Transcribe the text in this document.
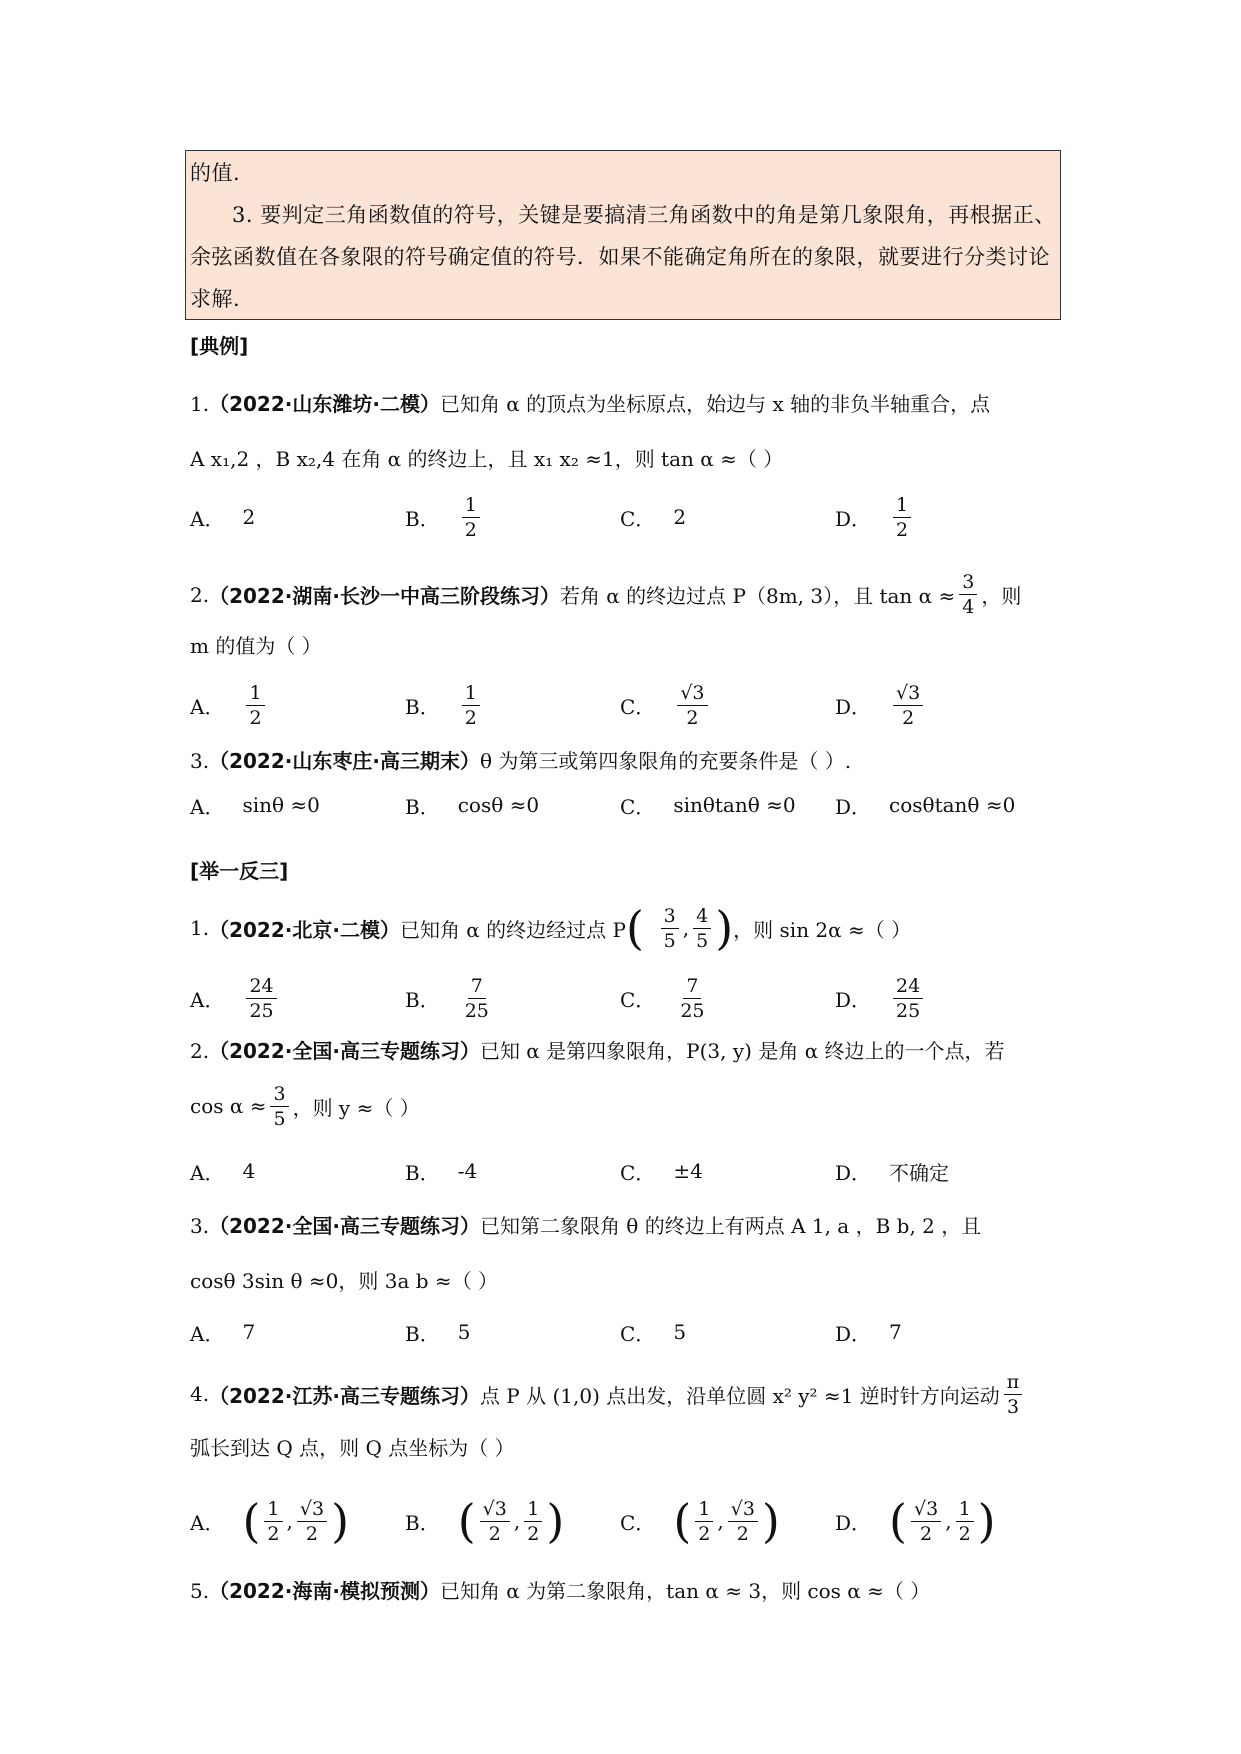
的值.
3. 要判定三角函数值的符号，关键是要搞清三角函数中的角是第几象限角，再根据正、
余弦函数值在各象限的符号确定值的符号．如果不能确定角所在的象限，就要进行分类讨论
求解.
[典例]
1.（2022·山东潍坊·二模）已知角 α 的顶点为坐标原点，始边与 x 轴的非负半轴重合，点
A x₁,2 ，B x₂,4 在角 α 的终边上，且 x₁ x₂ ≈1，则 tan α ≈（ ）
A． 2	B． $\frac{1}{2}$	C． 2	D． $\frac{1}{2}$
2. （2022·湖南·长沙一中高三阶段练习） 若角 α 的终边过点 P（8m, 3），且 $\tan \alpha \approx \frac{3}{4}$ ，则
m 的值为（ ）
A． $\frac{1}{2}$	B． $\frac{1}{2}$	C． $\frac{√3}{2}$	D． $\frac{√3}{2}$
3.（2022·山东枣庄·高三期末）θ 为第三或第四象限角的充要条件是（ ）.
A． sinθ ≈0	B． cosθ ≈0	C． sinθtanθ ≈0 D． cosθtanθ ≈0
[举一反三]
1. （2022·北京·二模） 已知角 α 的终边经过点 P (
$\frac{3}{5}$ , $\frac{4}{5}$ ) ，则 sin 2α ≈（ ）
A． $\frac{24}{25}$	B． $\frac{7}{25}$	C． $\frac{7}{25}$	D． $\frac{24}{25}$
2.（2022·全国·高三专题练习）已知 α 是第四象限角，P(3, y) 是角 α 终边上的一个点，若
$\cos \alpha \approx \frac{3}{5}$ ，则 y ≈（ ）
A． 4	B． -4	C． ±4	D． 不确定
3.（2022·全国·高三专题练习）已知第二象限角 θ 的终边上有两点 A 1, a ，B b, 2 ，且
cosθ 3sin θ ≈0，则 3a b ≈（ ）
A． 7	B． 5	C． 5	D． 7
4. （2022·江苏·高三专题练习） 点 P 从 (1,0) 点出发，沿单位圆 x² y² ≈1 逆时针方向运动 $\frac{\pi}{3}$
弧长到达 Q 点，则 Q 点坐标为（ ）
A． ( $\frac{1}{2}$ , $\frac{√3}{2}$ )	B． ( $\frac{√3}{2}$ , $\frac{1}{2}$ )	C． ( $\frac{1}{2}$ , $\frac{√3}{2}$ )	D． ( $\frac{√3}{2}$ , $\frac{1}{2}$ )
5.（2022·海南·模拟预测）已知角 α 为第二象限角，tan α ≈ 3，则 cos α ≈（ ）
